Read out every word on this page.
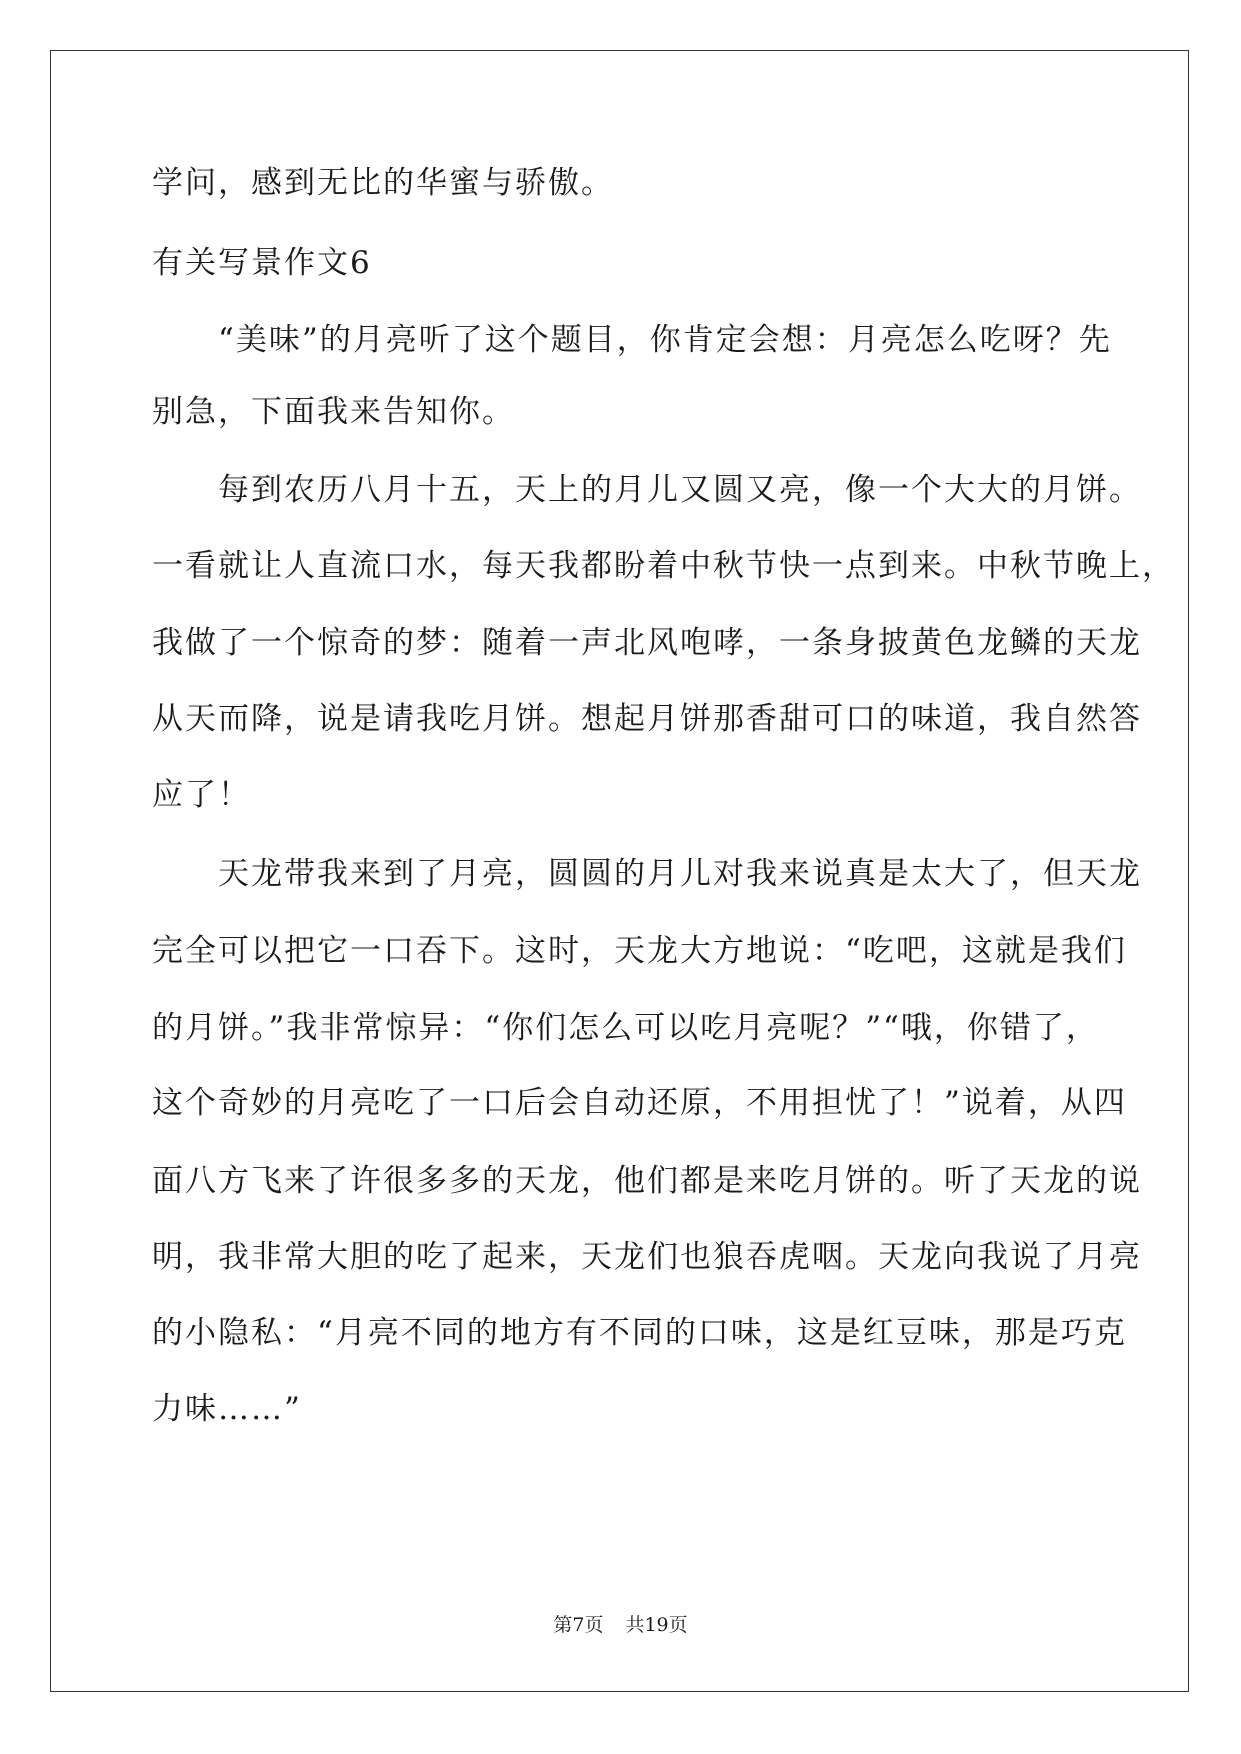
学问，感到无比的华蜜与骄傲。
有关写景作文6
　　“美味”的月亮听了这个题目，你肯定会想：月亮怎么吃呀？先
别急，下面我来告知你。
　　每到农历八月十五，天上的月儿又圆又亮，像一个大大的月饼。
一看就让人直流口水，每天我都盼着中秋节快一点到来。中秋节晚上，
我做了一个惊奇的梦：随着一声北风咆哮，一条身披黄色龙鳞的天龙
从天而降，说是请我吃月饼。想起月饼那香甜可口的味道，我自然答
应了！
　　天龙带我来到了月亮，圆圆的月儿对我来说真是太大了，但天龙
完全可以把它一口吞下。这时，天龙大方地说：“吃吧，这就是我们
的月饼。”我非常惊异：“你们怎么可以吃月亮呢？”“哦，你错了，
这个奇妙的月亮吃了一口后会自动还原，不用担忧了！”说着，从四
面八方飞来了许很多多的天龙，他们都是来吃月饼的。听了天龙的说
明，我非常大胆的吃了起来，天龙们也狼吞虎咽。天龙向我说了月亮
的小隐私：“月亮不同的地方有不同的口味，这是红豆味，那是巧克
力味……”
第7页 共19页
